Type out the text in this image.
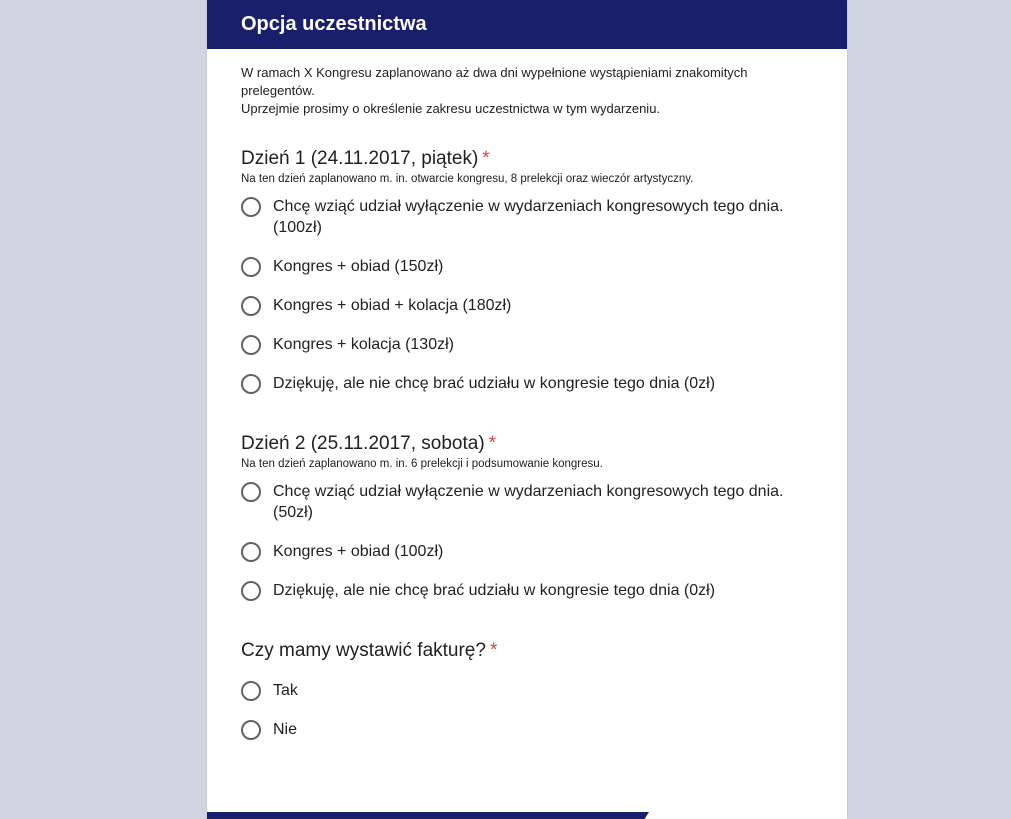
Opcja uczestnictwa

W ramach X Kongresu zaplanowano aż dwa dni wypełnione wystąpieniami znakomitych prelegentów.

Uprzejmie prosimy o określenie zakresu uczestnictwa w tym wydarzeniu.

Dzień 1 (24.11.2017, piątek) *
Na ten dzień zaplanowano m. in. otwarcie kongresu, 8 prelekcji oraz wieczór artystyczny.
Chcę wziąć udział wyłączenie w wydarzeniach kongresowych tego dnia. (100zł)
Kongres + obiad (150zł)
Kongres + obiad + kolacja (180zł)
Kongres + kolacja (130zł)
Dziękuję, ale nie chcę brać udziału w kongresie tego dnia (0zł)
Dzień 2 (25.11.2017, sobota) *
Na ten dzień zaplanowano m. in. 6 prelekcji i podsumowanie kongresu.
Chcę wziąć udział wyłączenie w wydarzeniach kongresowych tego dnia. (50zł)
Kongres + obiad (100zł)
Dziękuję, ale nie chcę brać udziału w kongresie tego dnia (0zł)
Czy mamy wystawić fakturę? *
Tak
Nie
